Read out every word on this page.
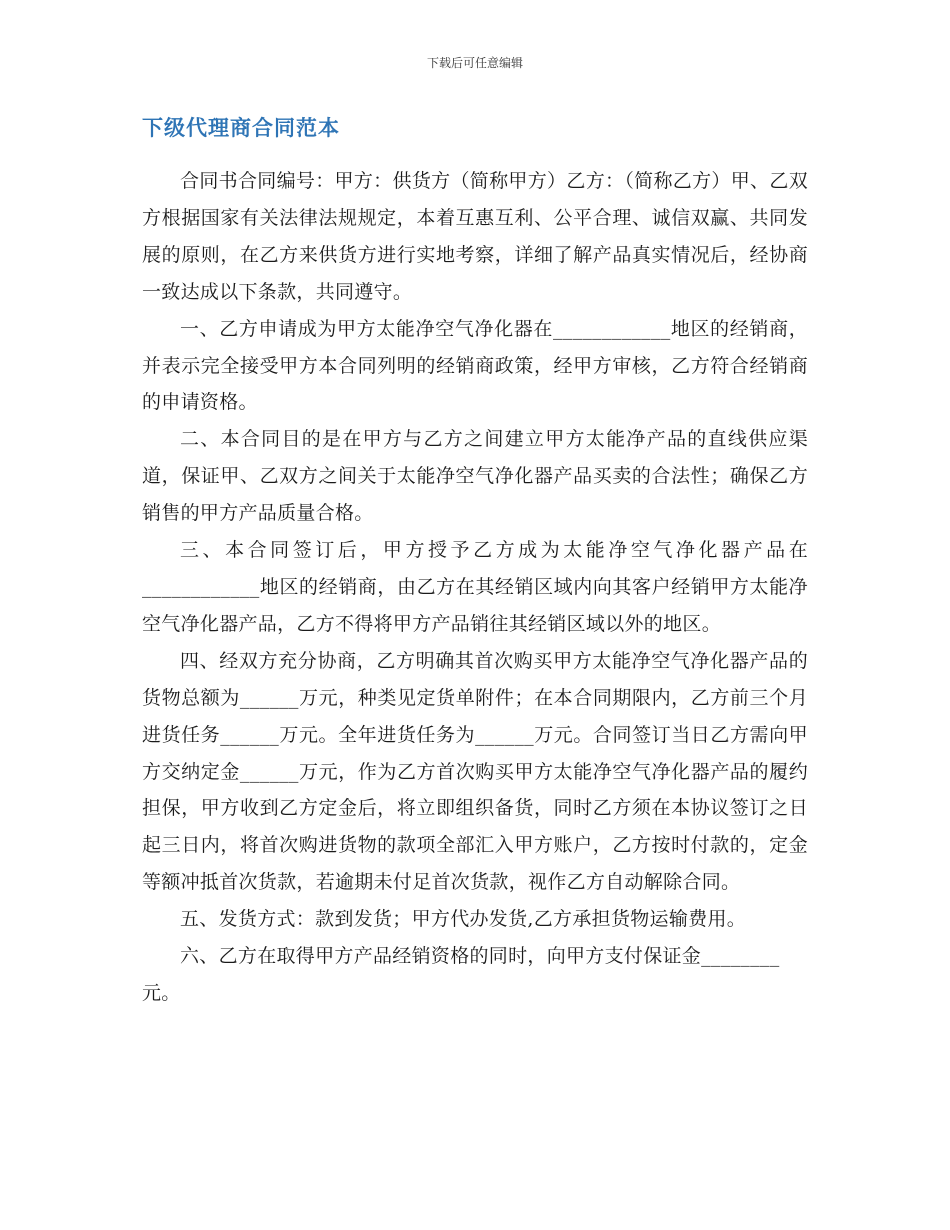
下载后可任意编辑
下级代理商合同范本

合同书合同编号：甲方：供货方（简称甲方）乙方：（简称乙方）甲、乙双方根据国家有关法律法规规定，本着互惠互利、公平合理、诚信双赢、共同发展的原则，在乙方来供货方进行实地考察，详细了解产品真实情况后，经协商一致达成以下条款，共同遵守。

一、乙方申请成为甲方太能净空气净化器在____________地区的经销商，并表示完全接受甲方本合同列明的经销商政策，经甲方审核，乙方符合经销商的申请资格。

二、本合同目的是在甲方与乙方之间建立甲方太能净产品的直线供应渠道，保证甲、乙双方之间关于太能净空气净化器产品买卖的合法性；确保乙方销售的甲方产品质量合格。

三、本合同签订后，甲方授予乙方成为太能净空气净化器产品在____________地区的经销商，由乙方在其经销区域内向其客户经销甲方太能净空气净化器产品，乙方不得将甲方产品销往其经销区域以外的地区。

四、经双方充分协商，乙方明确其首次购买甲方太能净空气净化器产品的货物总额为______万元，种类见定货单附件；在本合同期限内，乙方前三个月进货任务______万元。全年进货任务为______万元。合同签订当日乙方需向甲方交纳定金______万元，作为乙方首次购买甲方太能净空气净化器产品的履约担保，甲方收到乙方定金后，将立即组织备货，同时乙方须在本协议签订之日起三日内，将首次购进货物的款项全部汇入甲方账户，乙方按时付款的，定金等额冲抵首次货款，若逾期未付足首次货款，视作乙方自动解除合同。

五、发货方式：款到发货；甲方代办发货,乙方承担货物运输费用。

六、乙方在取得甲方产品经销资格的同时，向甲方支付保证金________元。
